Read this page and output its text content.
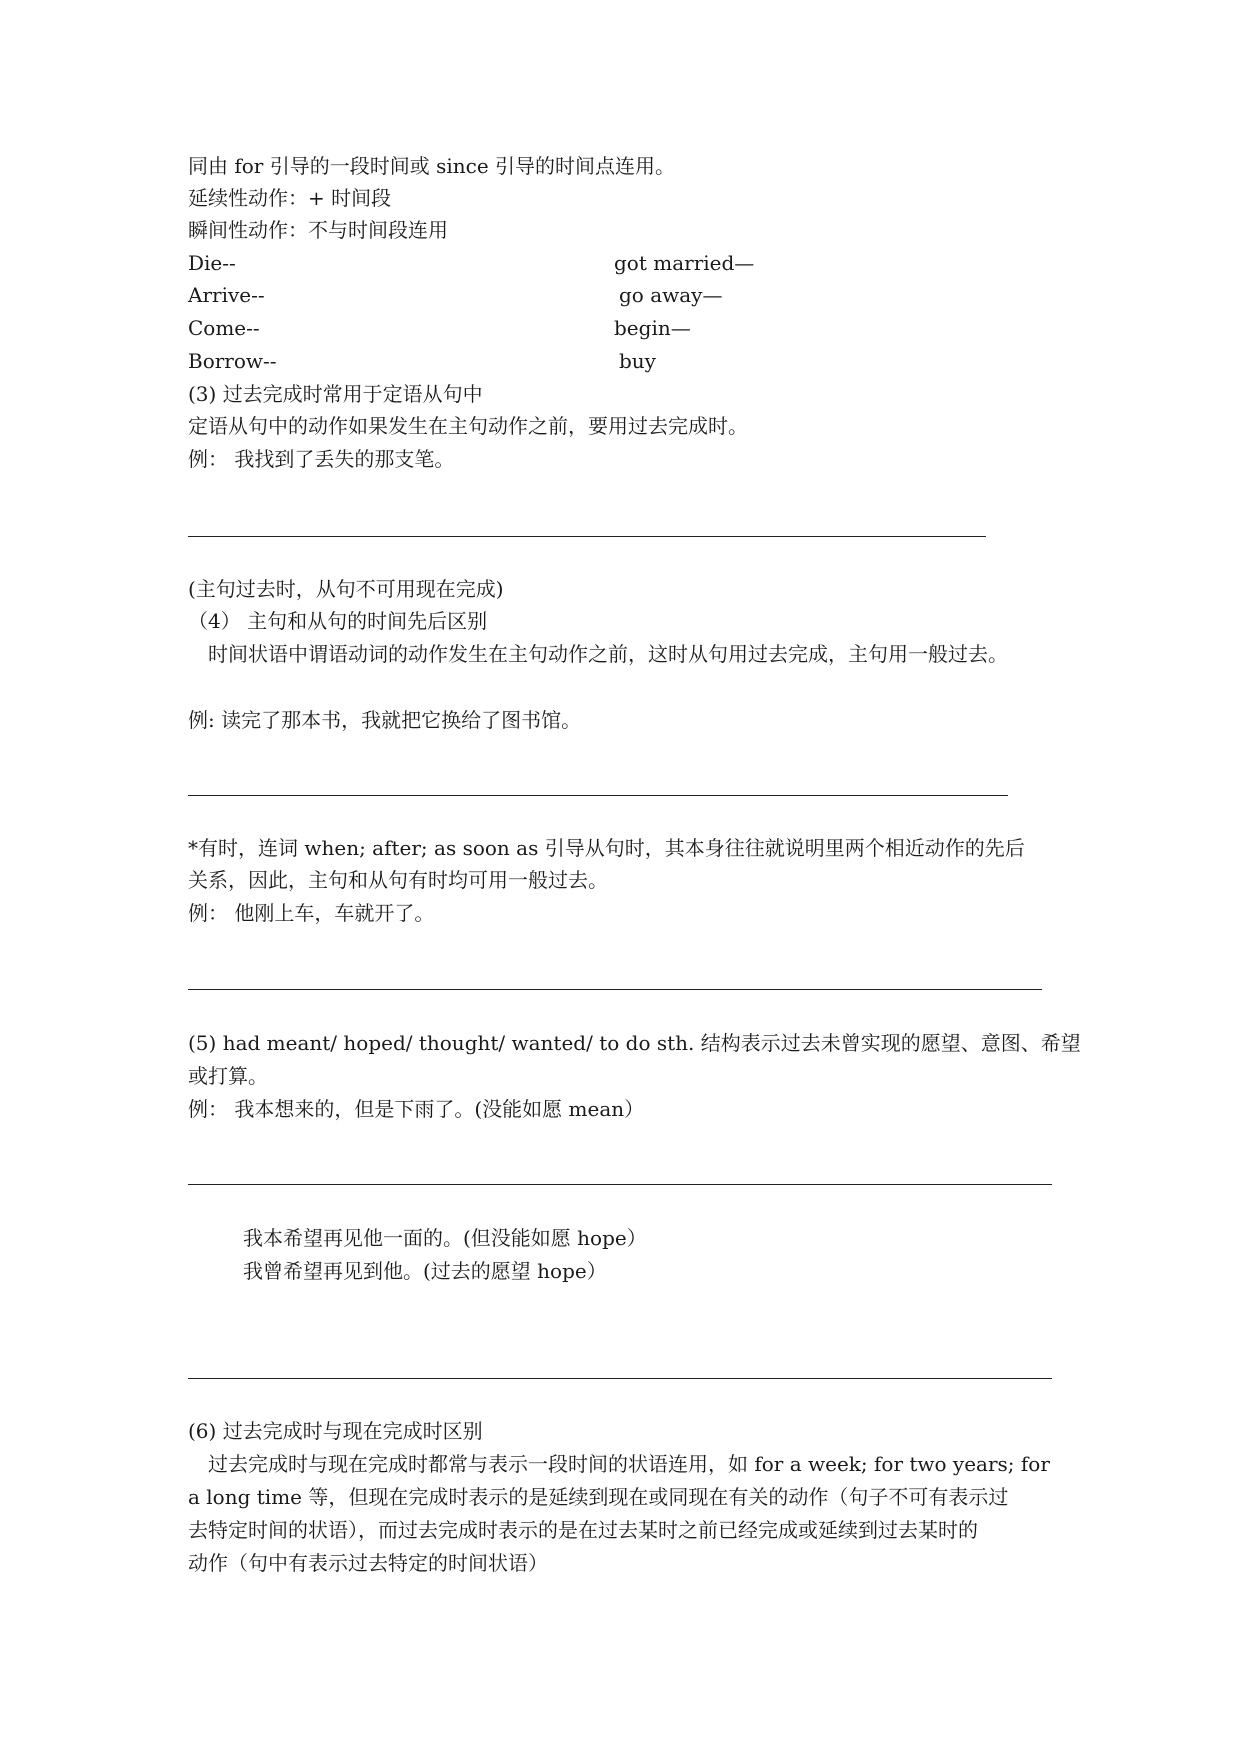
同由 for 引导的一段时间或 since 引导的时间点连用。
延续性动作：+ 时间段
瞬间性动作：不与时间段连用
Die--	got married—
Arrive--	go away—
Come--	begin—
Borrow--	buy
(3) 过去完成时常用于定语从句中
定语从句中的动作如果发生在主句动作之前，要用过去完成时。
例： 我找到了丢失的那支笔。
(主句过去时，从句不可用现在完成)
（4） 主句和从句的时间先后区别
时间状语中谓语动词的动作发生在主句动作之前，这时从句用过去完成，主句用一般过去。
例: 读完了那本书，我就把它换给了图书馆。
*有时，连词 when; after; as soon as 引导从句时，其本身往往就说明里两个相近动作的先后
关系，因此，主句和从句有时均可用一般过去。
例： 他刚上车，车就开了。
(5) had meant/ hoped/ thought/ wanted/ to do sth. 结构表示过去未曾实现的愿望、意图、希望
或打算。
例： 我本想来的，但是下雨了。(没能如愿 mean）
我本希望再见他一面的。(但没能如愿 hope）
我曾希望再见到他。(过去的愿望 hope）
(6) 过去完成时与现在完成时区别
过去完成时与现在完成时都常与表示一段时间的状语连用，如 for a week; for two years; for
a long time 等，但现在完成时表示的是延续到现在或同现在有关的动作（句子不可有表示过
去特定时间的状语），而过去完成时表示的是在过去某时之前已经完成或延续到过去某时的
动作（句中有表示过去特定的时间状语）
